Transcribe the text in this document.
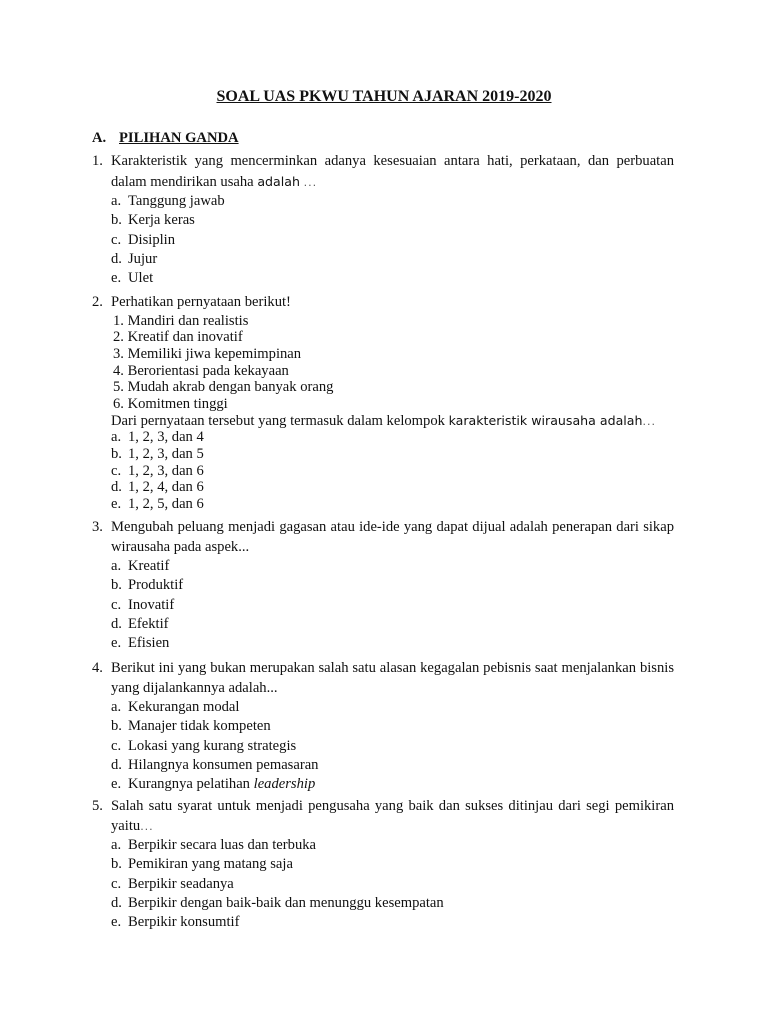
SOAL UAS PKWU TAHUN AJARAN 2019-2020
A. PILIHAN GANDA
1. Karakteristik yang mencerminkan adanya kesesuaian antara hati, perkataan, dan perbuatan dalam mendirikan usaha adalah ...
a. Tanggung jawab
b. Kerja keras
c. Disiplin
d. Jujur
e. Ulet
2. Perhatikan pernyataan berikut!
1. Mandiri dan realistis
2. Kreatif dan inovatif
3. Memiliki jiwa kepemimpinan
4. Berorientasi pada kekayaan
5. Mudah akrab dengan banyak orang
6. Komitmen tinggi
Dari pernyataan tersebut yang termasuk dalam kelompok karakteristik wirausaha adalah...
a. 1, 2, 3, dan 4
b. 1, 2, 3, dan 5
c. 1, 2, 3, dan 6
d. 1, 2, 4, dan 6
e. 1, 2, 5, dan 6
3. Mengubah peluang menjadi gagasan atau ide-ide yang dapat dijual adalah penerapan dari sikap wirausaha pada aspek...
a. Kreatif
b. Produktif
c. Inovatif
d. Efektif
e. Efisien
4. Berikut ini yang bukan merupakan salah satu alasan kegagalan pebisnis saat menjalankan bisnis yang dijalankannya adalah...
a. Kekurangan modal
b. Manajer tidak kompeten
c. Lokasi yang kurang strategis
d. Hilangnya konsumen pemasaran
e. Kurangnya pelatihan leadership
5. Salah satu syarat untuk menjadi pengusaha yang baik dan sukses ditinjau dari segi pemikiran yaitu...
a. Berpikir secara luas dan terbuka
b. Pemikiran yang matang saja
c. Berpikir seadanya
d. Berpikir dengan baik-baik dan menunggu kesempatan
e. Berpikir konsumtif
